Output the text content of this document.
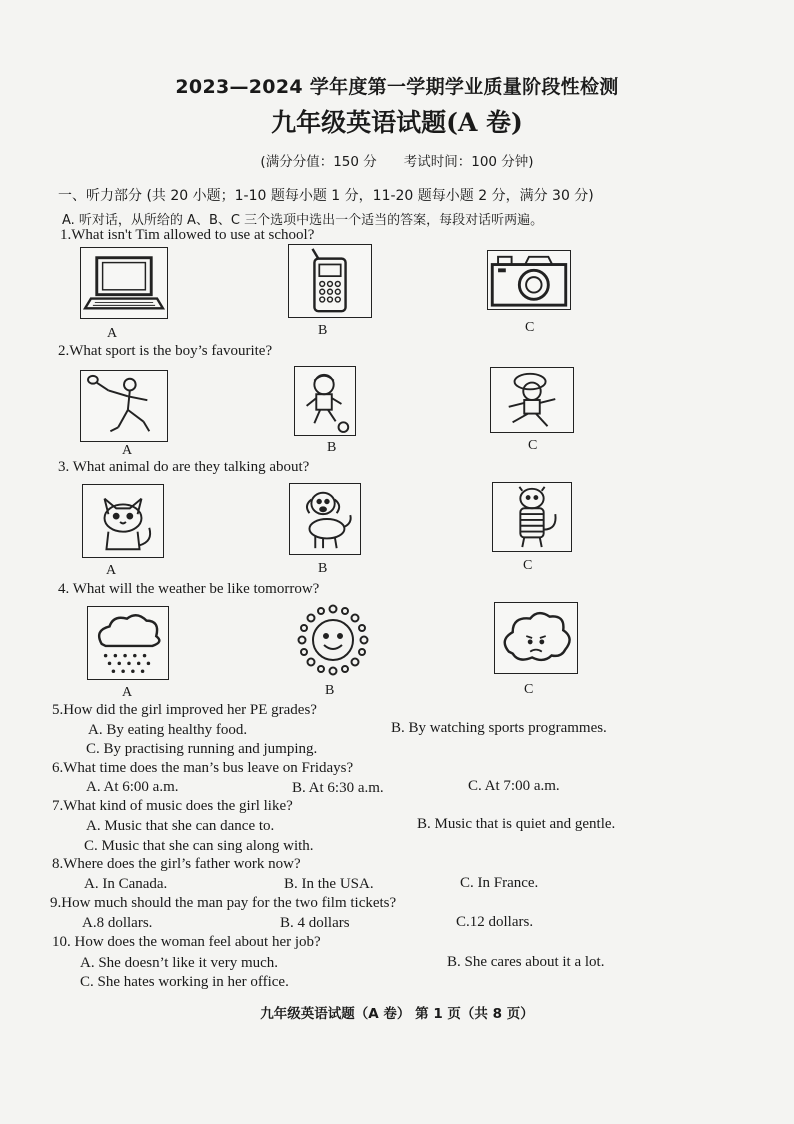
2023—2024 学年度第一学期学业质量阶段性检测
九年级英语试题(A 卷)
(满分分值：150 分　　考试时间：100 分钟)
一、听力部分 (共 20 小题；1-10 题每小题 1 分，11-20 题每小题 2 分，满分 30 分)
A. 听对话，从所给的 A、B、C 三个选项中选出一个适当的答案，每段对话听两遍。
1.What isn't Tim allowed to use at school?
A	B	C
2.What sport is the boy’s favourite?
A	B	C
3. What animal do are they talking about?
A	B	C
4. What will the weather be like tomorrow?
A	B	C
5.How did the girl improved her PE grades?
A. By eating healthy food.	B. By watching sports programmes.
C. By practising running and jumping.
6.What time does the man’s bus leave on Fridays?
A. At 6:00 a.m.	B. At 6:30 a.m.	C. At 7:00 a.m.
7.What kind of music does the girl like?
A. Music that she can dance to.	B. Music that is quiet and gentle.
C. Music that she can sing along with.
8.Where does the girl’s father work now?
A. In Canada.	B. In the USA.	C. In France.
9.How much should the man pay for the two film tickets?
A.8 dollars.	B. 4 dollars	C.12 dollars.
10. How does the woman feel about her job?
A. She doesn’t like it very much.	B. She cares about it a lot.
C. She hates working in her office.
九年级英语试题（A 卷） 第 1 页（共 8 页）
